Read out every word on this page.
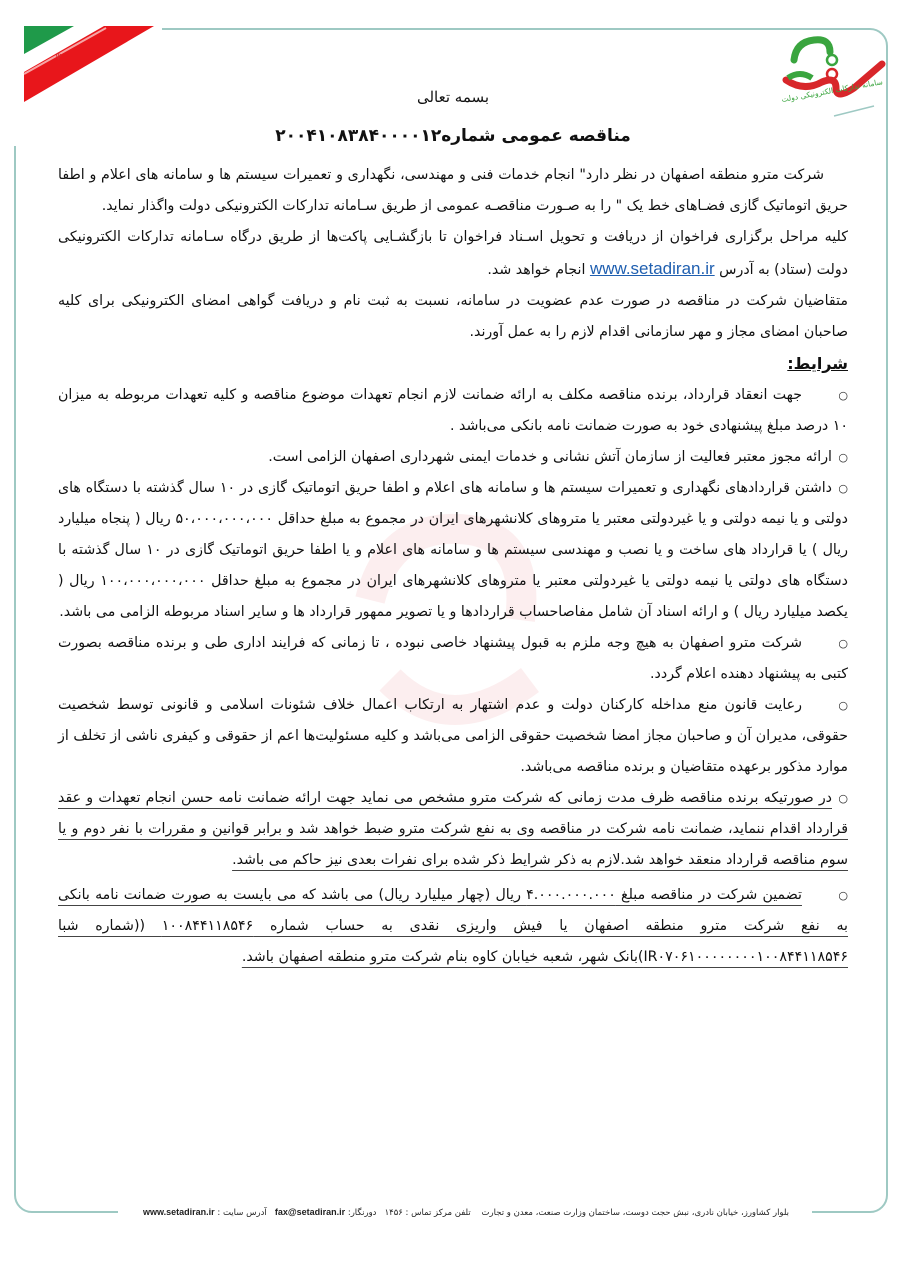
♆
سامانه تدارکات الکترونیکی دولت
بسمه تعالی
مناقصه عمومی شماره۲۰۰۴۱۰۸۳۸۴۰۰۰۰۱۲

شرکت مترو منطقه اصفهان در نظر دارد" انجام خدمات فنی و مهندسی، نگهداری و تعمیرات سیستم ها و سامانه های اعلام و اطفا حریق اتوماتیک گازی فضـاهای خط یک " را به صـورت مناقصـه عمومی از طریق سـامانه تدارکات الکترونیکی دولت واگذار نماید.

کلیه مراحل برگزاری فراخوان از دریافت و تحویل اسـناد فراخوان تا بازگشـایی پاکت‌ها از طریق درگاه سـامانه تدارکات الکترونیکی دولت (ستاد) به آدرس www.setadiran.ir انجام خواهد شد.

متقاضیان شرکت در مناقصه در صورت عدم عضویت در سامانه، نسبت به ثبت نام و دریافت گواهی امضای الکترونیکی برای کلیه صاحبان امضای مجاز و مهر سازمانی اقدام لازم را به عمل آورند.

شرایط:

○جهت انعقاد قرارداد، برنده مناقصه مکلف به ارائه ضمانت لازم انجام تعهدات موضوع مناقصه و کلیه تعهدات مربوطه به میزان ۱۰ درصد مبلغ پیشنهادی خود به صورت ضمانت نامه بانکی می‌باشد .

○ارائه مجوز معتبر فعالیت از سازمان آتش نشانی و خدمات ایمنی شهرداری اصفهان الزامی است.

○داشتن قراردادهای نگهداری و تعمیرات سیستم ها و سامانه های اعلام و اطفا حریق اتوماتیک گازی در ۱۰ سال گذشته با دستگاه های دولتی و یا نیمه دولتی و یا غیردولتی معتبر یا متروهای کلانشهرهای ایران در مجموع به مبلغ حداقل ۵۰،۰۰۰،۰۰۰،۰۰۰ ریال ( پنجاه میلیارد ریال ) یا قرارداد های ساخت و یا نصب و مهندسی سیستم ها و سامانه های اعلام و یا اطفا حریق اتوماتیک گازی در ۱۰ سال گذشته با دستگاه های دولتی یا نیمه دولتی یا غیردولتی معتبر یا متروهای کلانشهرهای ایران در مجموع به مبلغ حداقل ۱۰۰،۰۰۰،۰۰۰،۰۰۰ ریال ( یکصد میلیارد ریال ) و ارائه اسناد آن شامل مفاصاحساب قراردادها و یا تصویر ممهور قرارداد ها و سایر اسناد مربوطه الزامی می باشد.

○شرکت مترو اصفهان به هیچ وجه ملزم به قبول پیشنهاد خاصی نبوده ، تا زمانی که فرایند اداری طی و برنده مناقصه بصورت کتبی به پیشنهاد دهنده اعلام گردد.

○رعایت قانون منع مداخله کارکنان دولت و عدم اشتهار به ارتکاب اعمال خلاف شئونات اسلامی و قانونی توسط شخصیت حقوقی، مدیران آن و صاحبان مجاز امضا شخصیت حقوقی الزامی می‌باشد و کلیه مسئولیت‌ها اعم از حقوقی و کیفری ناشی از تخلف از موارد مذکور برعهده متقاضیان و برنده مناقصه می‌باشد.

○در صورتیکه برنده مناقصه ظرف مدت زمانی که شرکت مترو مشخص می نماید جهت ارائه ضمانت نامه حسن انجام تعهدات و عقد قرارداد اقدام ننماید، ضمانت نامه شرکت در مناقصه وی به نفع شرکت مترو ضبط خواهد شد و برابر قوانین و مقررات با نفر دوم و یا سوم مناقصه قرارداد منعقد خواهد شد.لازم به ذکر شرایط ذکر شده برای نفرات بعدی نیز حاکم می باشد.

○تضمین شرکت در مناقصه مبلغ ۴.۰۰۰.۰۰۰.۰۰۰ ریال (چهار میلیارد ریال) می باشد که می بایست به صورت ضمانت نامه بانکی به نفع شرکت مترو منطقه اصفهان یا فیش واریزی نقدی به حساب شماره ۱۰۰۸۴۴۱۱۸۵۴۶ ((شماره شبا IR۰۷۰۶۱۰۰۰۰۰۰۰۰۱۰۰۸۴۴۱۱۸۵۴۶)بانک شهر، شعبه خیابان کاوه بنام شرکت مترو منطقه اصفهان باشد.

بلوار کشاورز، خیابان نادری، نبش حجت دوست، ساختمان وزارت صنعت، معدن و تجارت    تلفن مرکز تماس : ۱۴۵۶   دورنگار: fax@setadiran.ir   آدرس سایت : www.setadiran.ir
